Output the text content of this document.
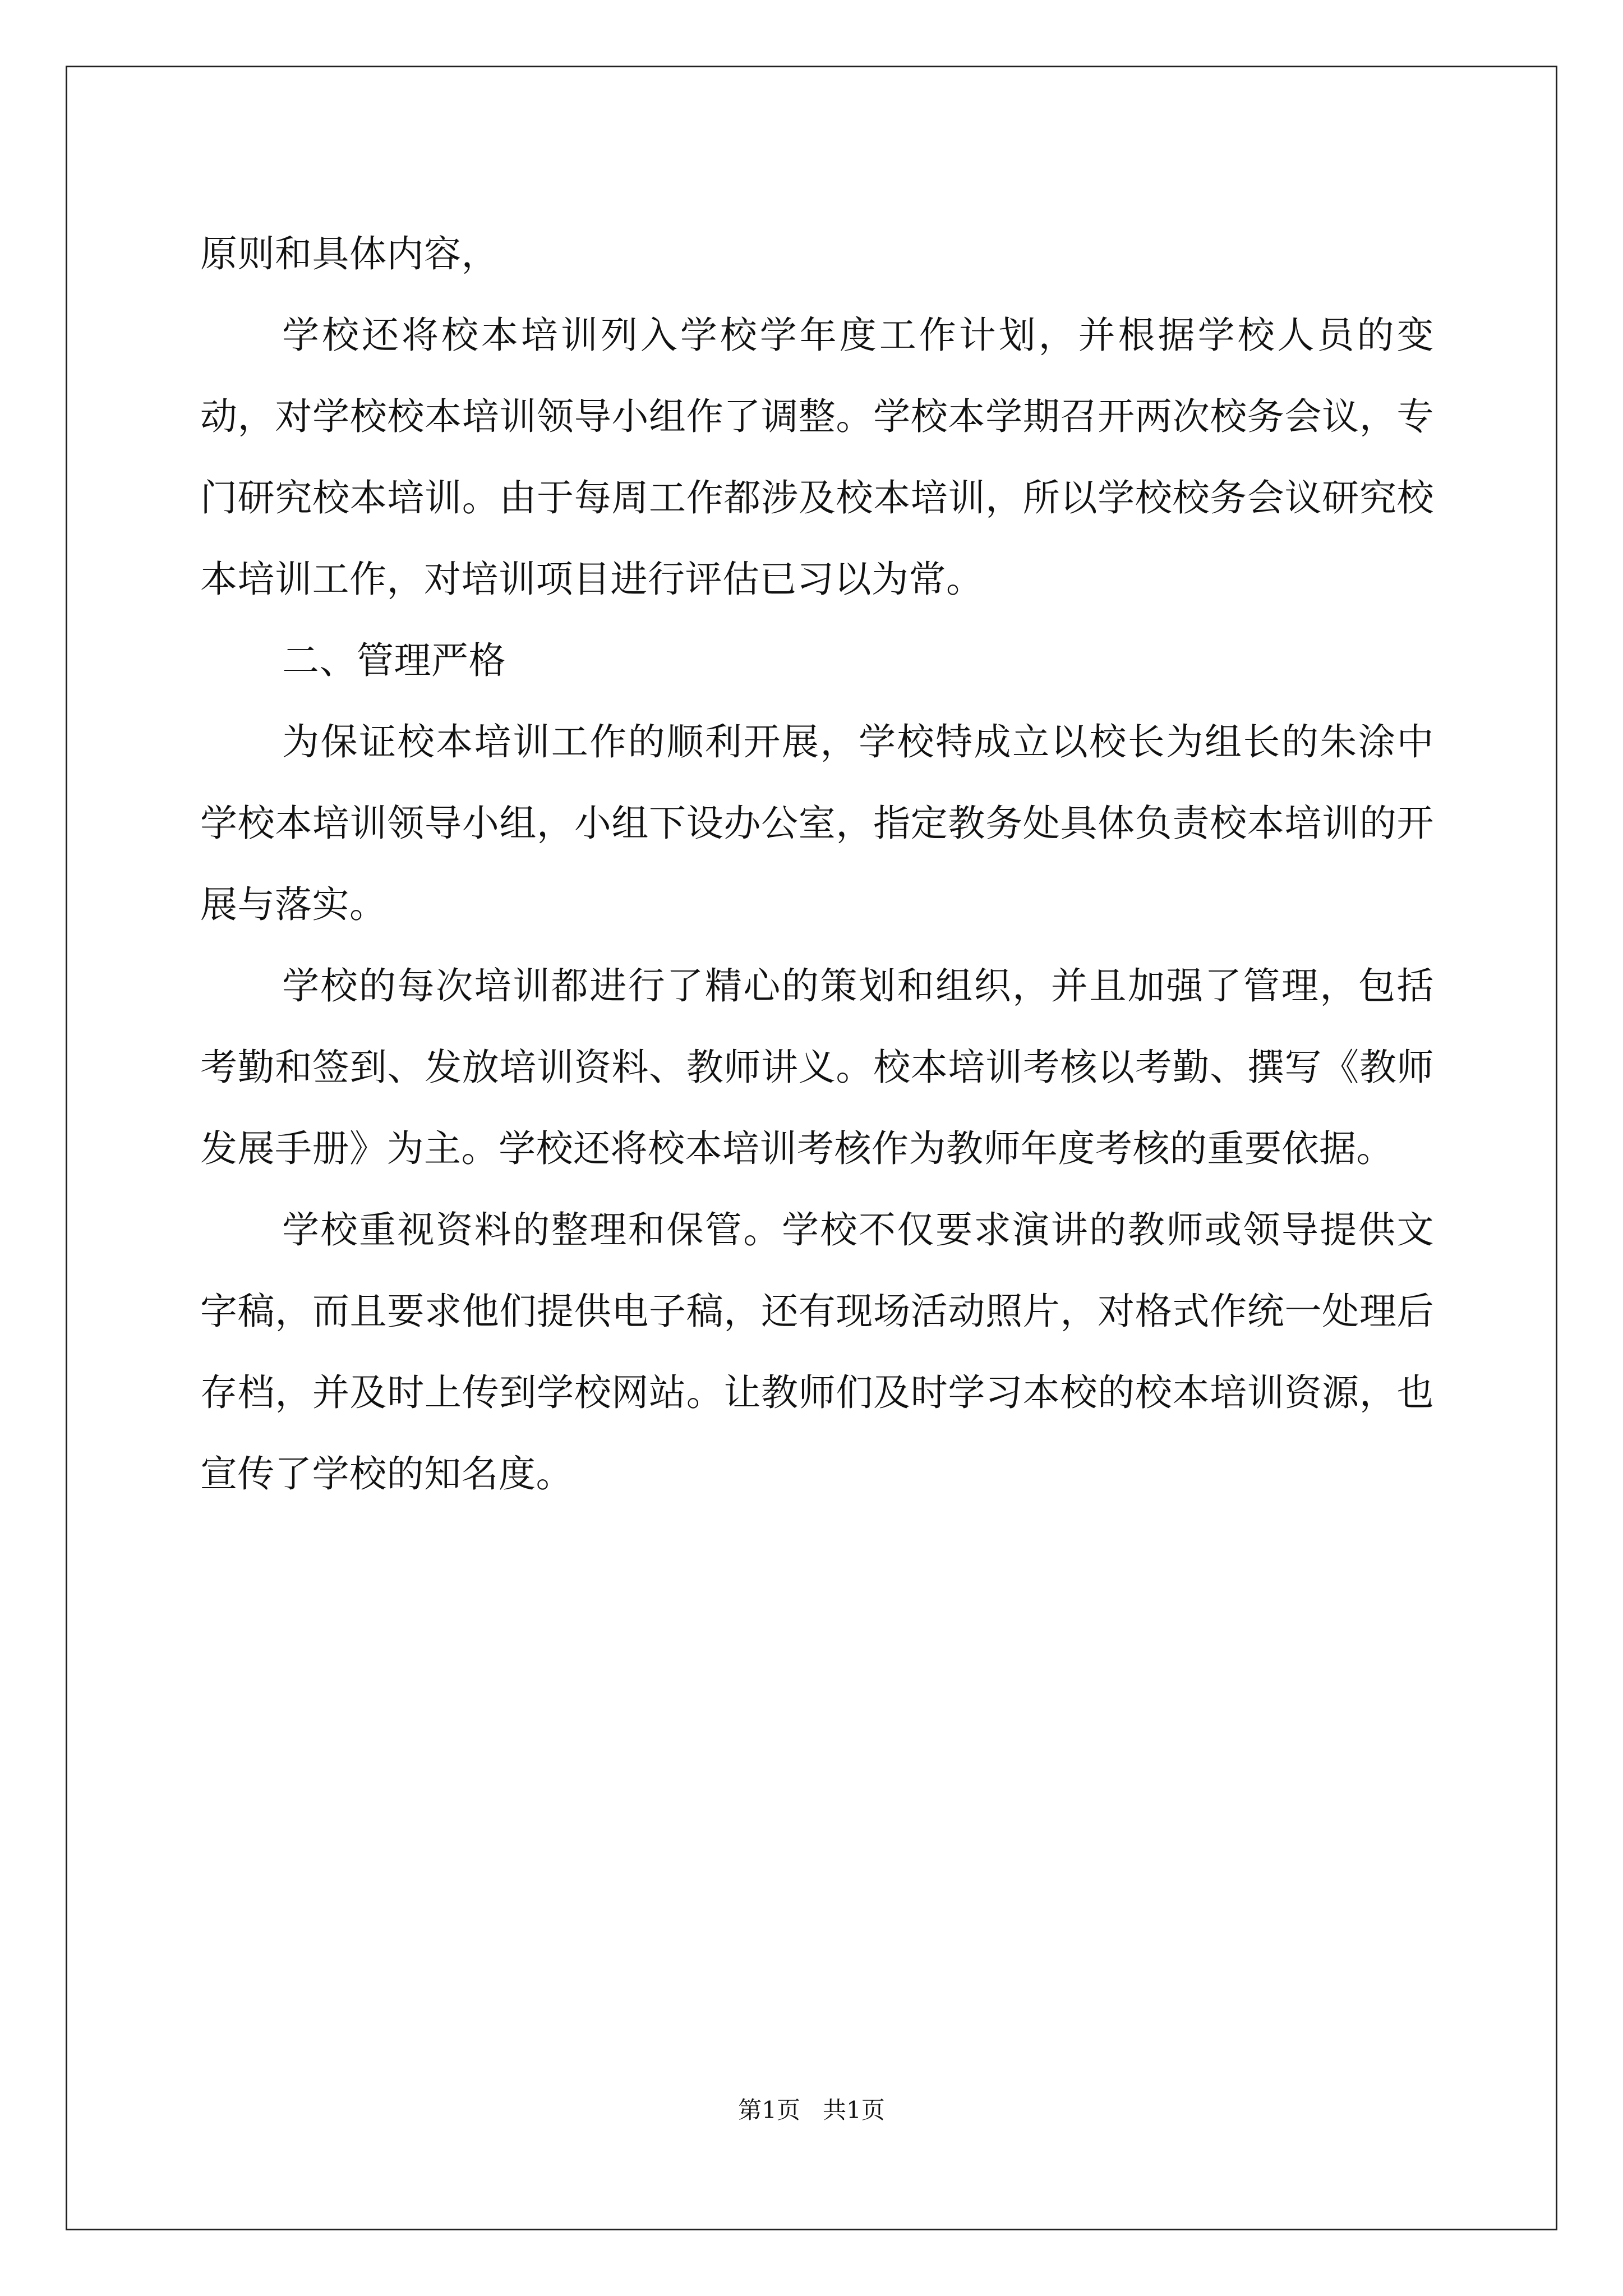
原则和具体内容，

学校还将校本培训列入学校学年度工作计划，并根据学校人员的变动，对学校校本培训领导小组作了调整。学校本学期召开两次校务会议，专门研究校本培训。由于每周工作都涉及校本培训，所以学校校务会议研究校本培训工作，对培训项目进行评估已习以为常。

二、管理严格

为保证校本培训工作的顺利开展，学校特成立以校长为组长的朱涂中学校本培训领导小组，小组下设办公室，指定教务处具体负责校本培训的开展与落实。

学校的每次培训都进行了精心的策划和组织，并且加强了管理，包括考勤和签到、发放培训资料、教师讲义。校本培训考核以考勤、撰写《教师发展手册》为主。学校还将校本培训考核作为教师年度考核的重要依据。

学校重视资料的整理和保管。学校不仅要求演讲的教师或领导提供文字稿，而且要求他们提供电子稿，还有现场活动照片，对格式作统一处理后存档，并及时上传到学校网站。让教师们及时学习本校的校本培训资源，也宣传了学校的知名度。

第1页 共1页
